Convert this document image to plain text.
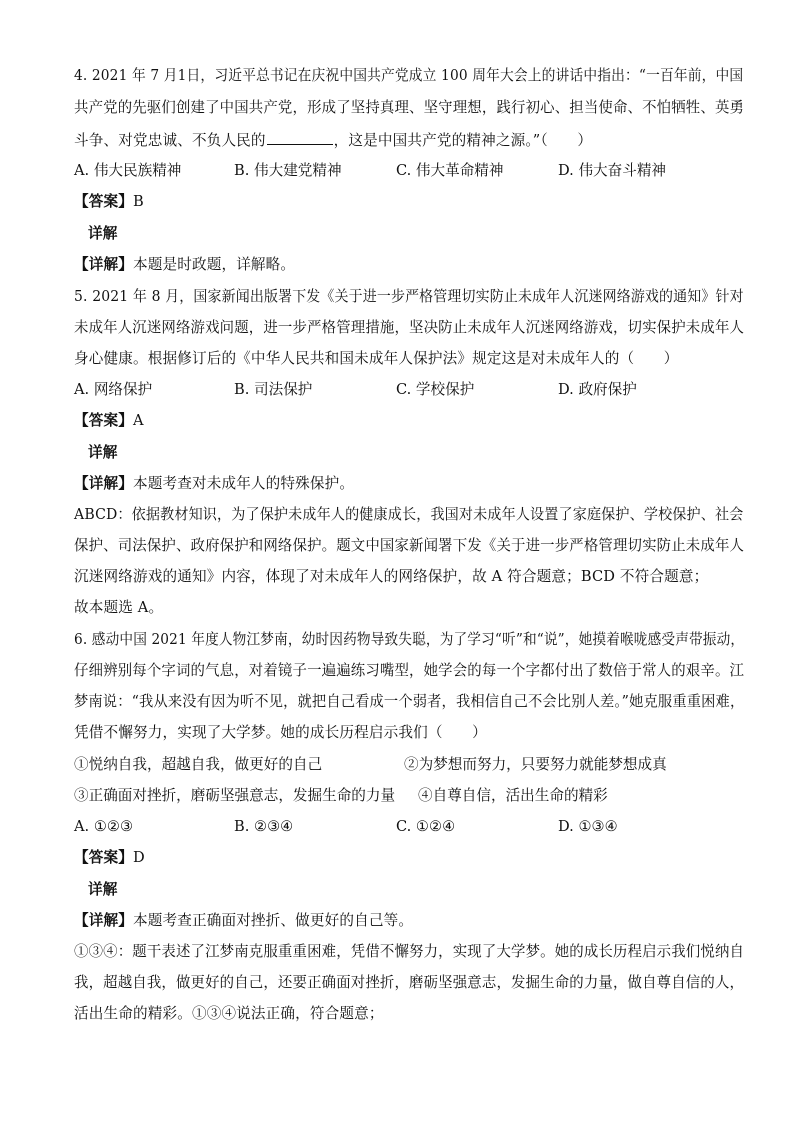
4. 2021 年 7 月1日，习近平总书记在庆祝中国共产党成立 100 周年大会上的讲话中指出：“一百年前，中国
共产党的先驱们创建了中国共产党，形成了坚持真理、坚守理想，践行初心、担当使命、不怕牺牲、英勇
斗争、对党忠诚、不负人民的	，这是中国共产党的精神之源。”（　　）
A. 伟大民族精神	B. 伟大建党精神	C. 伟大革命精神	D. 伟大奋斗精神
【答案】B
详解
【详解】本题是时政题，详解略。
5. 2021 年 8 月，国家新闻出版署下发《关于进一步严格管理切实防止未成年人沉迷网络游戏的通知》针对
未成年人沉迷网络游戏问题，进一步严格管理措施，坚决防止未成年人沉迷网络游戏，切实保护未成年人
身心健康。根据修订后的《中华人民共和国未成年人保护法》规定这是对未成年人的（　　）
A. 网络保护	B. 司法保护	C. 学校保护	D. 政府保护
【答案】A
详解
【详解】本题考查对未成年人的特殊保护。
ABCD：依据教材知识，为了保护未成年人的健康成长，我国对未成年人设置了家庭保护、学校保护、社会
保护、司法保护、政府保护和网络保护。题文中国家新闻署下发《关于进一步严格管理切实防止未成年人
沉迷网络游戏的通知》内容，体现了对未成年人的网络保护，故 A 符合题意；BCD 不符合题意；
故本题选 A。
6. 感动中国 2021 年度人物江梦南，幼时因药物导致失聪，为了学习“听”和“说”，她摸着喉咙感受声带振动，
仔细辨别每个字词的气息，对着镜子一遍遍练习嘴型，她学会的每一个字都付出了数倍于常人的艰辛。江
梦南说：“我从来没有因为听不见，就把自己看成一个弱者，我相信自己不会比别人差。”她克服重重困难，
凭借不懈努力，实现了大学梦。她的成长历程启示我们（　　）
①悦纳自我，超越自我，做更好的自己	②为梦想而努力，只要努力就能梦想成真
③正确面对挫折，磨砺坚强意志，发掘生命的力量 ④自尊自信，活出生命的精彩
A. ①②③	B. ②③④	C. ①②④	D. ①③④
【答案】D
详解
【详解】本题考查正确面对挫折、做更好的自己等。
①③④：题干表述了江梦南克服重重困难，凭借不懈努力，实现了大学梦。她的成长历程启示我们悦纳自
我，超越自我，做更好的自己，还要正确面对挫折，磨砺坚强意志，发掘生命的力量，做自尊自信的人，
活出生命的精彩。①③④说法正确，符合题意；
